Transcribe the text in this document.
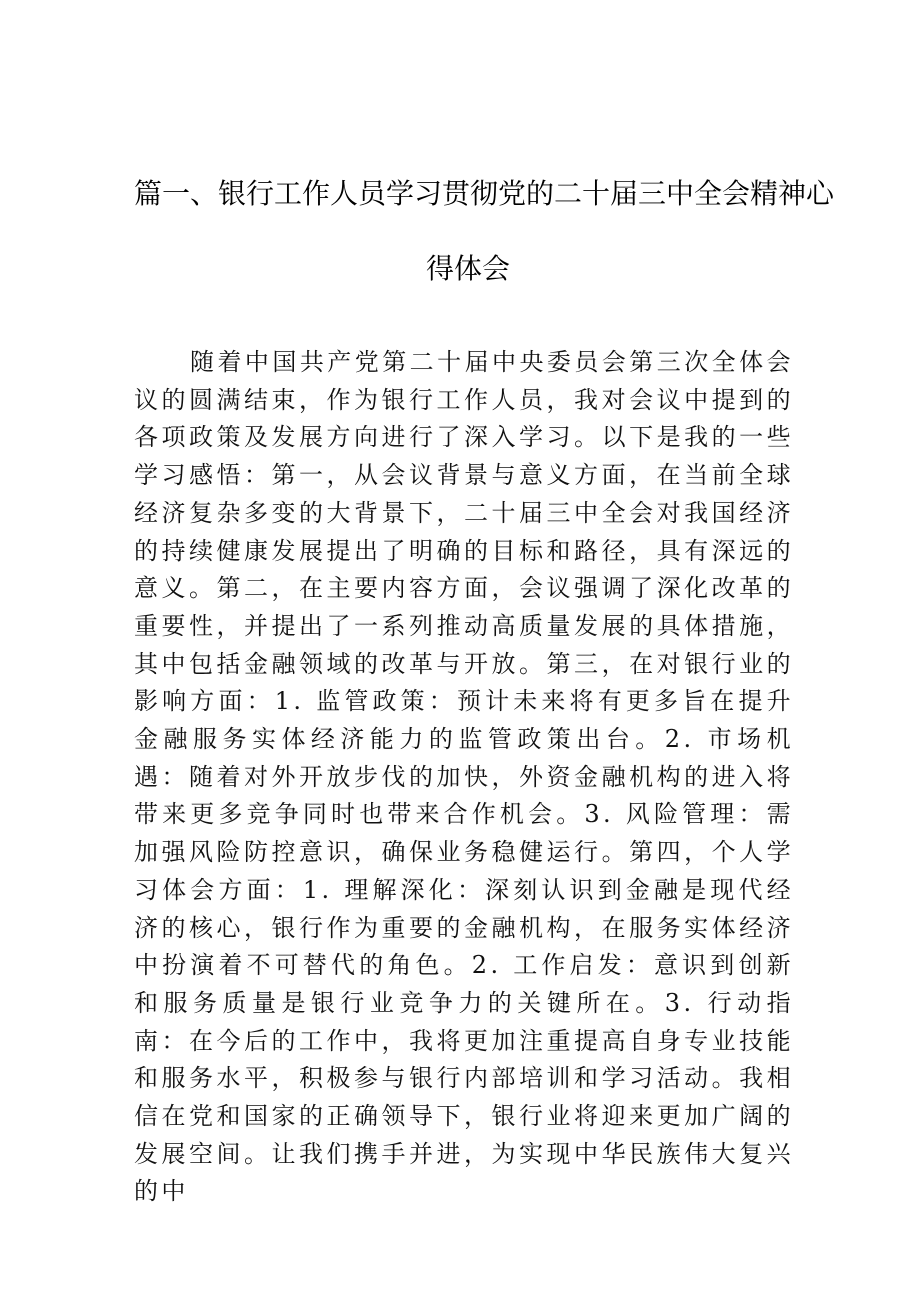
篇一、银行工作人员学习贯彻党的二十届三中全会精神心
得体会

随着中国共产党第二十届中央委员会第三次全体会议的圆满结束，作为银行工作人员，我对会议中提到的各项政策及发展方向进行了深入学习。以下是我的一些学习感悟：第一，从会议背景与意义方面，在当前全球经济复杂多变的大背景下，二十届三中全会对我国经济的持续健康发展提出了明确的目标和路径，具有深远的意义。第二，在主要内容方面，会议强调了深化改革的重要性，并提出了一系列推动高质量发展的具体措施，其中包括金融领域的改革与开放。第三，在对银行业的影响方面：1. 监管政策：预计未来将有更多旨在提升金融服务实体经济能力的监管政策出台。2. 市场机遇：随着对外开放步伐的加快，外资金融机构的进入将带来更多竞争同时也带来合作机会。3. 风险管理：需加强风险防控意识，确保业务稳健运行。第四，个人学习体会方面：1. 理解深化：深刻认识到金融是现代经济的核心，银行作为重要的金融机构，在服务实体经济中扮演着不可替代的角色。2. 工作启发：意识到创新和服务质量是银行业竞争力的关键所在。3. 行动指南：在今后的工作中，我将更加注重提高自身专业技能和服务水平，积极参与银行内部培训和学习活动。我相信在党和国家的正确领导下，银行业将迎来更加广阔的发展空间。让我们携手并进，为实现中华民族伟大复兴的中
